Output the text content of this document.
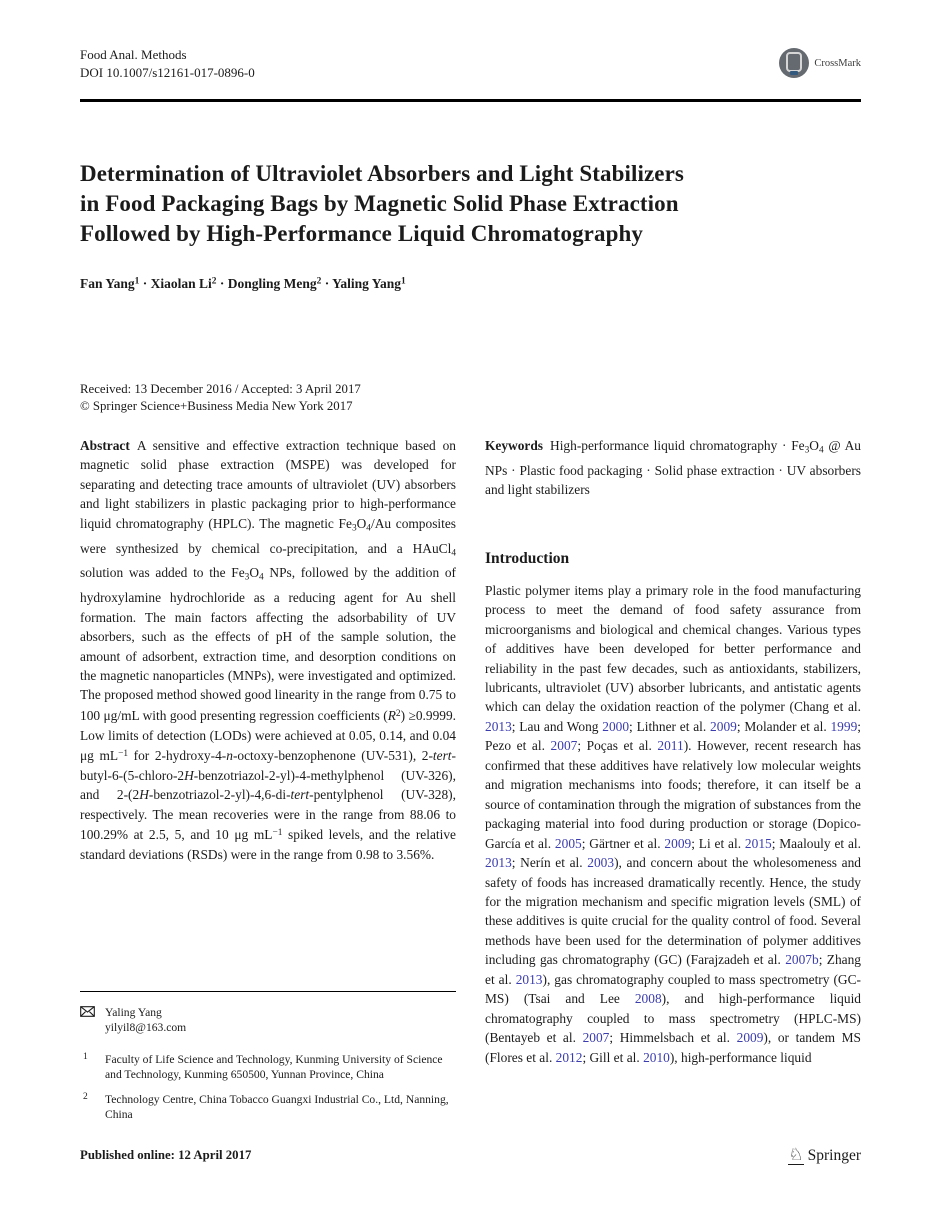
Food Anal. Methods
DOI 10.1007/s12161-017-0896-0
CrossMark
Determination of Ultraviolet Absorbers and Light Stabilizers
in Food Packaging Bags by Magnetic Solid Phase Extraction
Followed by High-Performance Liquid Chromatography
Fan Yang$^1$ · Xiaolan $Li^2$ · Dongling Meng$^2$ · Yaling Yang$^1$
Received: 13 December 2016 / Accepted: 3 April 2017
© Springer Science+Business Media New York 2017

Abstract A sensitive and effective extraction technique based on magnetic solid phase extraction (MSPE) was developed for separating and detecting trace amounts of ultraviolet (UV) absorbers and light stabilizers in plastic packaging prior to high-performance liquid chromatography (HPLC). The magnetic $Fe_3O_4/Au$ composites were synthesized by chemical co-precipitation, and a HAuCl$_4$ solution was added to the $Fe_3O_4$ NPs, followed by the addition of hydroxylamine hydrochloride as a reducing agent for Au shell formation. The main factors affecting the adsorbability of UV absorbers, such as the effects of pH of the sample solution, the amount of adsorbent, extraction time, and desorption conditions on the magnetic nanoparticles (MNPs), were investigated and optimized. The proposed method showed good linearity in the range from 0.75 to 100 μg/mL with good presenting regression coefficients $(R^2) \ge 0.9999$. Low limits of detection (LODs) were achieved at 0.05, 0.14, and 0.04 μg $mL^{-1}$ for 2-hydroxy-4-n-octoxy-benzophenone (UV-531), 2-tert-butyl-6-(5-chloro-2H-benzotriazol-2-yl)-4-methylphenol (UV-326), and 2-(2H-benzotriazol-2-yl)-4,6-di-tert-pentylphenol (UV-328), respectively. The mean recoveries were in the range from 88.06 to 100.29% at 2.5, 5, and 10 μg $mL^{-1}$ spiked levels, and the relative standard deviations (RSDs) were in the range from 0.98 to 3.56%.

Yaling Yang
yilyil8@163.com
1	Faculty of Life Science and Technology, Kunming University of Science and Technology, Kunming 650500, Yunnan Province, China
2	Technology Centre, China Tobacco Guangxi Industrial Co., Ltd, Nanning, China

Keywords High-performance liquid chromatography · $Fe_3O_4$ @ Au NPs · Plastic food packaging · Solid phase extraction · UV absorbers and light stabilizers

Introduction

Plastic polymer items play a primary role in the food manufacturing process to meet the demand of food safety assurance from microorganisms and biological and chemical changes. Various types of additives have been developed for better performance and reliability in the past few decades, such as antioxidants, stabilizers, lubricants, ultraviolet (UV) absorber lubricants, and antistatic agents which can delay the oxidation reaction of the polymer (Chang et al. 2013; Lau and Wong 2000; Lithner et al. 2009; Molander et al. 1999; Pezo et al. 2007; Poças et al. 2011). However, recent research has confirmed that these additives have relatively low molecular weights and migration mechanisms into foods; therefore, it can itself be a source of contamination through the migration of substances from the packaging material into food during production or storage (Dopico-García et al. 2005; Gärtner et al. 2009; Li et al. 2015; Maalouly et al. 2013; Nerín et al. 2003), and concern about the wholesomeness and safety of foods has increased dramatically recently. Hence, the study for the migration mechanism and specific migration levels (SML) of these additives is quite crucial for the quality control of food. Several methods have been used for the determination of polymer additives including gas chromatography (GC) (Farajzadeh et al. 2007b; Zhang et al. 2013), gas chromatography coupled to mass spectrometry (GC-MS) (Tsai and Lee 2008), and high-performance liquid chromatography coupled to mass spectrometry (HPLC-MS) (Bentayeb et al. 2007; Himmelsbach et al. 2009), or tandem MS (Flores et al. 2012; Gill et al. 2010), high-performance liquid

Published online: 12 April 2017	♘ Springer
